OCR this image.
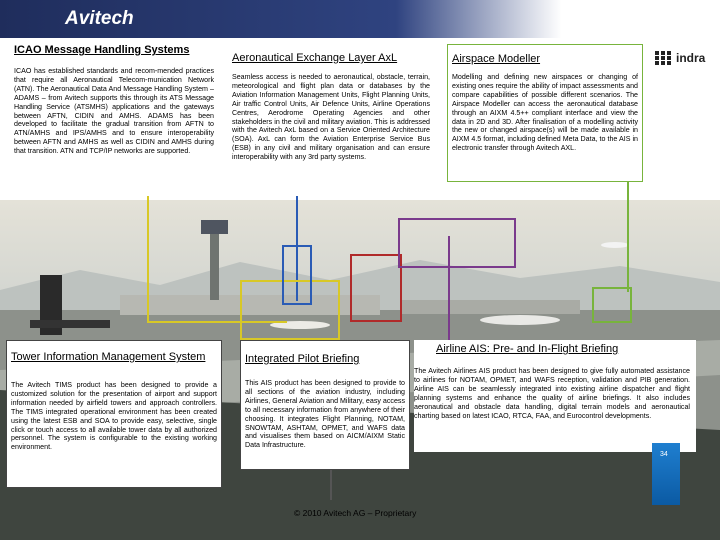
Avitech
indra
ICAO Message Handling Systems
ICAO has established standards and recom-mended practices that require all Aeronautical Telecom-munication Network (ATN). The Aeronautical Data And Message Handling System – ADAMS – from Avitech supports this through its ATS Message Handling Service (ATSMHS) applications and the gateways between AFTN, CIDIN and AMHS. ADAMS has been developed to facilitate the gradual transition from AFTN to ATN/AMHS and IPS/AMHS and to ensure interoperability between AFTN and AMHS as well as CIDIN and AMHS during that transition. ATN and TCP/IP networks are supported.
Aeronautical Exchange Layer AxL
Seamless access is needed to aeronautical, obstacle, terrain, meteorological and flight plan data or databases by the Aviation Information Management Units, Flight Planning Units, Air traffic Control Units, Air Defence Units, Airline Operations Centres, Aerodrome Operating Agencies and other stakeholders in the civil and military aviation. This is addressed with the Avitech AxL based on a Service Oriented Architecture (SOA). AxL can form the Aviation Enterprise Service Bus (ESB) in any civil and military organisation and can ensure interoperability with any 3rd party systems.
Airspace Modeller
Modelling and defining new airspaces or changing of existing ones require the ability of impact assessments and compare capabilities of possible different scenarios. The Airspace Modeller can access the aeronautical database through an AIXM 4.5++ compliant interface and view the data in 2D and 3D. After finalisation of a modelling activity the new or changed airspace(s) will be made available in AIXM 4.5 format, including defined Meta Data, to the AIS in electronic transfer through Avitech AXL.
Tower Information Management System
The Avitech TIMS product has been designed to provide a customized solution for the presentation of airport and support information needed by airfield towers and approach controllers. The TIMS integrated operational environment has been created using the latest ESB and SOA to provide easy, selective, single click or touch access to all available tower data by all authorized personnel. The system is configurable to the existing working environment.
Integrated Pilot Briefing
This AIS product has been designed to provide to all sections of the aviation industry, including Airlines, General Aviation and Military, easy access to all necessary information from anywhere of their choosing. It integrates Flight Planning, NOTAM, SNOWTAM, ASHTAM, OPMET, and WAFS data and visualises them based on AICM/AIXM Static Data Infrastructure.
Airline AIS: Pre- and In-Flight Briefing
The Avitech Airlines AIS product has been designed to give fully automated assistance to airlines for NOTAM, OPMET, and WAFS reception, validation and PIB generation. Airline AIS can be seamlessly integrated into existing airline dispatcher and flight planning systems and enhance the quality of airline briefings. It also includes aeronautical and obstacle data handling, digital terrain models and aeronautical charting based on latest ICAO, RTCA, FAA, and Eurocontrol developments.
© 2010 Avitech AG – Proprietary
34
